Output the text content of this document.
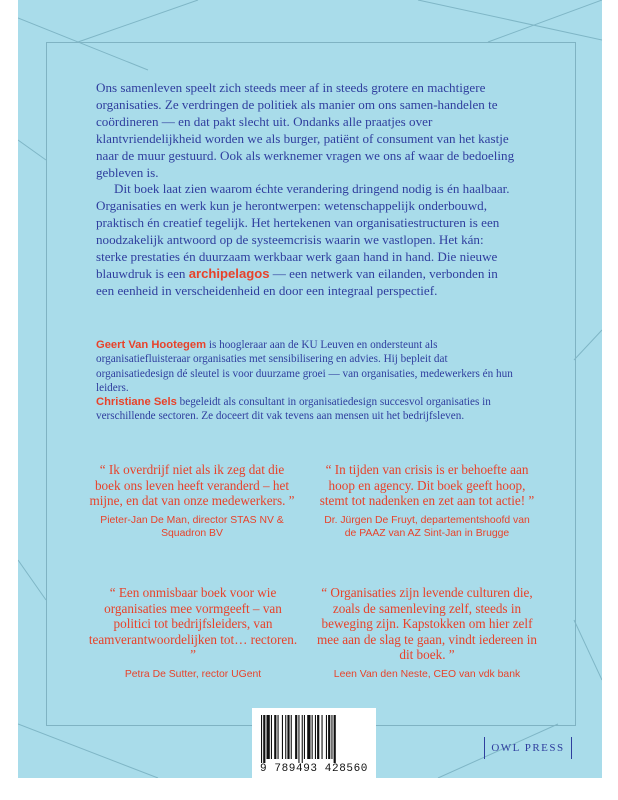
Ons samenleven speelt zich steeds meer af in steeds grotere en machtigere organisaties. Ze verdringen de politiek als manier om ons samen-handelen te coördineren — en dat pakt slecht uit. Ondanks alle praatjes over klantvriendelijkheid worden we als burger, patiënt of consument van het kastje naar de muur gestuurd. Ook als werknemer vragen we ons af waar de bedoeling gebleven is.

Dit boek laat zien waarom échte verandering dringend nodig is én haalbaar. Organisaties en werk kun je herontwerpen: wetenschappelijk onderbouwd, praktisch én creatief tegelijk. Het hertekenen van organisatiestructuren is een noodzakelijk antwoord op de systeemcrisis waarin we vastlopen. Het kán: sterke prestaties én duurzaam werkbaar werk gaan hand in hand. Die nieuwe blauwdruk is een archipelagos — een netwerk van eilanden, verbonden in een eenheid in verscheidenheid en door een integraal perspectief.

Geert Van Hootegem is hoogleraar aan de KU Leuven en ondersteunt als organisatiefluisteraar organisaties met sensibilisering en advies. Hij bepleit dat organisatiedesign dé sleutel is voor duurzame groei — van organisaties, medewerkers én hun leiders.

Christiane Sels begeleidt als consultant in organisatiedesign succesvol organisaties in verschillende sectoren. Ze doceert dit vak tevens aan mensen uit het bedrijfsleven.

“ Ik overdrijf niet als ik zeg dat die boek ons leven heeft veranderd – het mijne, en dat van onze medewerkers. ”

Pieter-Jan De Man, director STAS NV & Squadron BV

“ In tijden van crisis is er behoefte aan hoop en agency. Dit boek geeft hoop, stemt tot nadenken en zet aan tot actie! ”

Dr. Jürgen De Fruyt, departementshoofd van de PAAZ van AZ Sint-Jan in Brugge

“ Een onmisbaar boek voor wie organisaties mee vormgeeft – van politici tot bedrijfsleiders, van teamverantwoordelijken tot… rectoren. ”

Petra De Sutter, rector UGent

“ Organisaties zijn levende culturen die, zoals de samenleving zelf, steeds in beweging zijn. Kapstokken om hier zelf mee aan de slag te gaan, vindt iedereen in dit boek. ”

Leen Van den Neste, CEO van vdk bank
9 789493 428560
OWL PRESS
